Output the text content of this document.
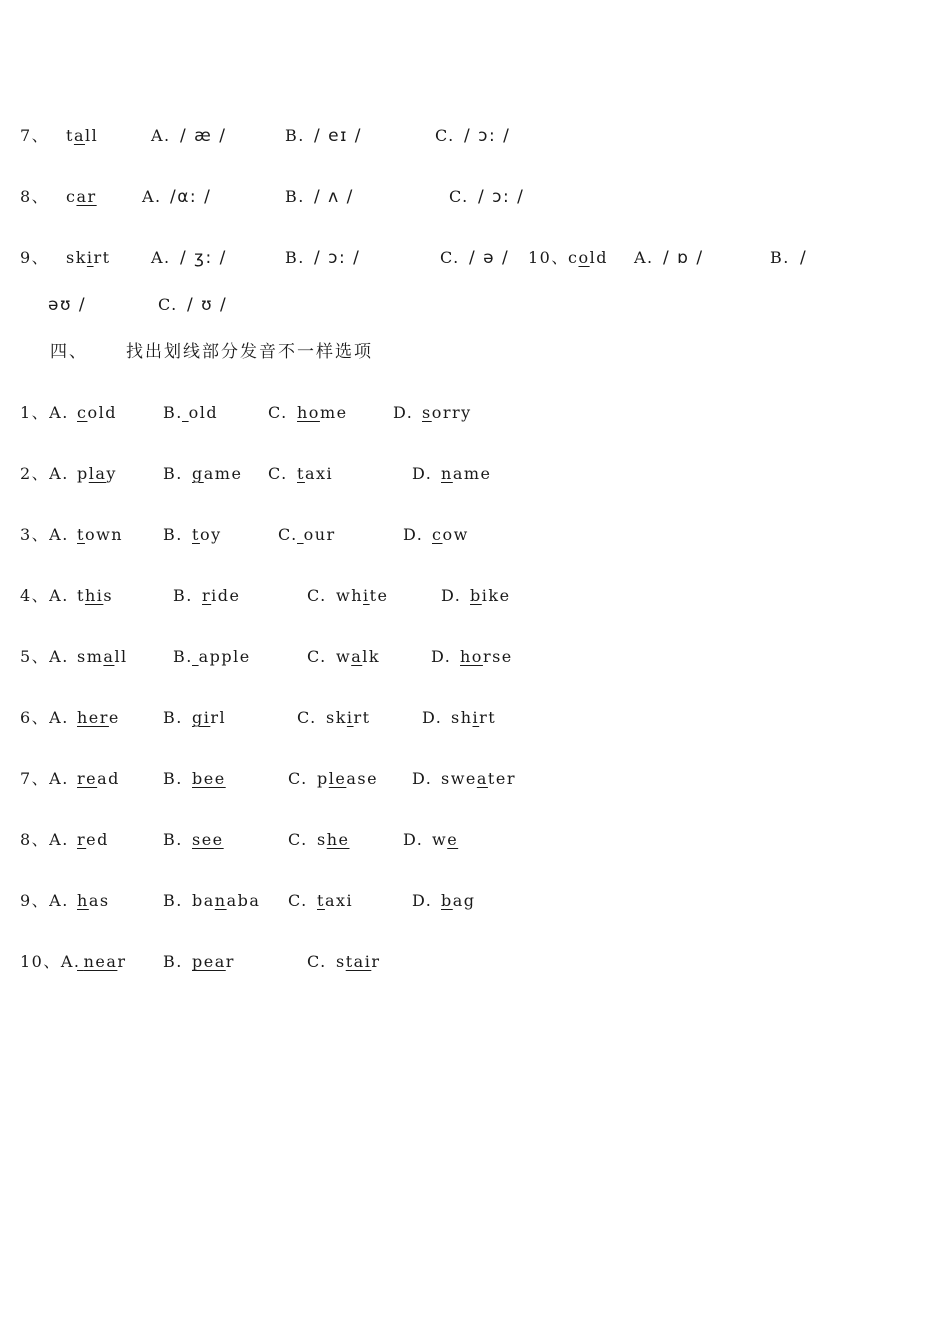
7、 tall	A. / æ /	B. / eɪ /	C. / ɔ: /
8、 car	A. /α: /	B. / ʌ /	C. / ɔ: /
9、 skirt	A. / ʒ: /	B. / ɔ: /	C. / ə / 10、 cold A. / ɒ /	B. /
əʊ /	C. / ʊ /
四、 找出划线部分发音不一样选项
1、A. cold	B. old	C. home	D. sorry
2、A. play	B. game C. taxi	D. name
3、A. town B. toy	C. our	D. cow
4、A. this	B. ride	C. white	D. bike
5、A. small	B. apple	C. walk	D. horse
6、A. here	B. girl	C. skirt	D. shirt
7、A. read	B. bee	C. please D. sweater
8、A. red	B. see	C. she	D. we
9、A. has	B. banaba C. taxi	D. bag
10、A. near B. pear	C. stair
